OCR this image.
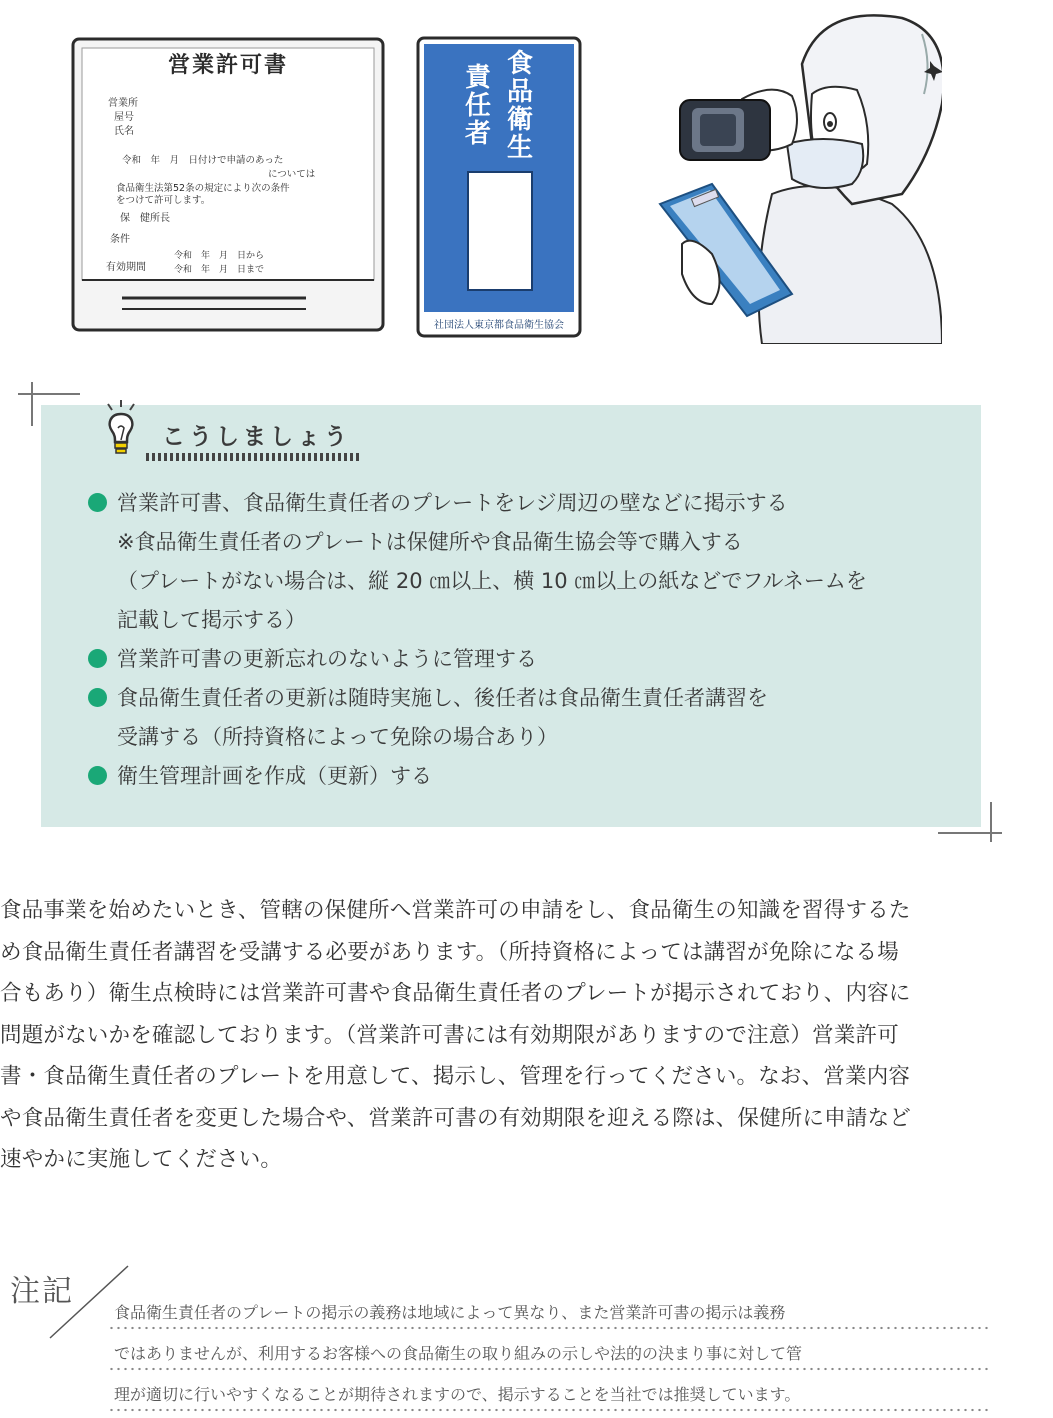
営業許可書
営業所
屋号
氏名
令和　年　月　日付けで申請のあった
については
食品衛生法第52条の規定により次の条件
をつけて許可します。
保　健所長
条件
有効期間
令和　年　月　日から
令和　年　月　日まで
食
品
衛
生
責
任
者
社団法人東京都食品衛生協会
こうしましょう
営業許可書、食品衛生責任者のプレートをレジ周辺の壁などに掲示する
※食品衛生責任者のプレートは保健所や食品衛生協会等で購入する
（プレートがない場合は、縦 20 ㎝以上、横 10 ㎝以上の紙などでフルネームを
記載して掲示する）
営業許可書の更新忘れのないように管理する
食品衛生責任者の更新は随時実施し、後任者は食品衛生責任者講習を
受講する（所持資格によって免除の場合あり）
衛生管理計画を作成（更新）する
食品事業を始めたいとき、管轄の保健所へ営業許可の申請をし、食品衛生の知識を習得するた
め食品衛生責任者講習を受講する必要があります。（所持資格によっては講習が免除になる場
合もあり）衛生点検時には営業許可書や食品衛生責任者のプレートが掲示されており、内容に
問題がないかを確認しております。（営業許可書には有効期限がありますので注意）営業許可
書・食品衛生責任者のプレートを用意して、掲示し、管理を行ってください。なお、営業内容
や食品衛生責任者を変更した場合や、営業許可書の有効期限を迎える際は、保健所に申請など
速やかに実施してください。
注記
食品衛生責任者のプレートの掲示の義務は地域によって異なり、また営業許可書の掲示は義務
ではありませんが、利用するお客様への食品衛生の取り組みの示しや法的の決まり事に対して管
理が適切に行いやすくなることが期待されますので、掲示することを当社では推奨しています。
